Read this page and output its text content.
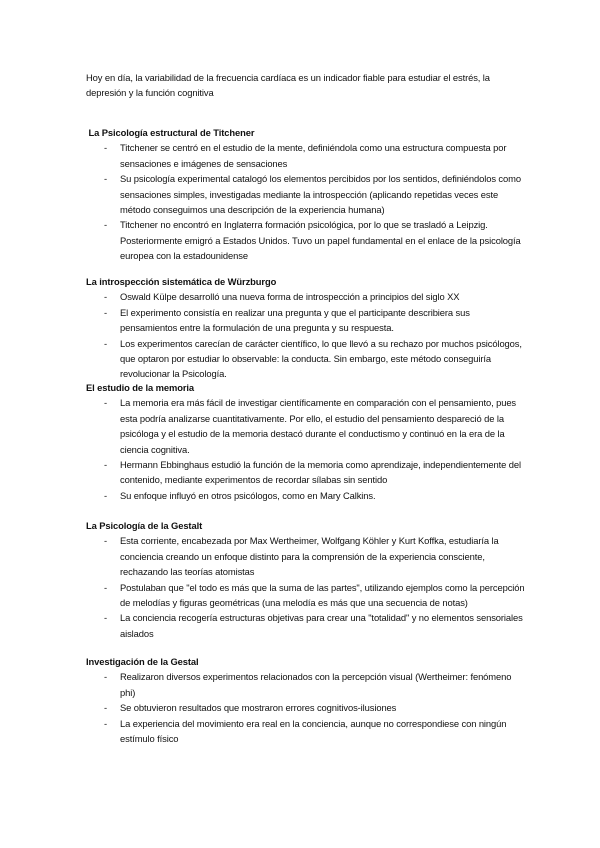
Hoy en día, la variabilidad de la frecuencia cardíaca es un indicador fiable para estudiar el estrés, la depresión y la función cognitiva

La Psicología estructural de Titchener

- Titchener se centró en el estudio de la mente, definiéndola como una estructura compuesta por sensaciones e imágenes de sensaciones
- Su psicología experimental catalogó los elementos percibidos por los sentidos, definiéndolos como sensaciones simples, investigadas mediante la introspección (aplicando repetidas veces este método conseguimos una descripción de la experiencia humana)
- Titchener no encontró en Inglaterra formación psicológica, por lo que se trasladó a Leipzig. Posteriormente emigró a Estados Unidos. Tuvo un papel fundamental en el enlace de la psicología europea con la estadounidense

La introspección sistemática de Würzburgo

- Oswald Külpe desarrolló una nueva forma de introspección a principios del siglo XX
- El experimento consistía en realizar una pregunta y que el participante describiera sus pensamientos entre la formulación de una pregunta y su respuesta.
- Los experimentos carecían de carácter científico, lo que llevó a su rechazo por muchos psicólogos, que optaron por estudiar lo observable: la conducta. Sin embargo, este método conseguiría revolucionar la Psicología.

El estudio de la memoria

- La memoria era más fácil de investigar científicamente en comparación con el pensamiento, pues esta podría analizarse cuantitativamente. Por ello, el estudio del pensamiento despareció de la psicóloga y el estudio de la memoria destacó durante el conductismo y continuó en la era de la ciencia cognitiva.
- Hermann Ebbinghaus estudió la función de la memoria como aprendizaje, independientemente del contenido, mediante experimentos de recordar sílabas sin sentido
- Su enfoque influyó en otros psicólogos, como en Mary Calkins.

La Psicología de la Gestalt

- Esta corriente, encabezada por Max Wertheimer, Wolfgang Köhler y Kurt Koffka, estudiaría la conciencia creando un enfoque distinto para la comprensión de la experiencia consciente, rechazando las teorías atomistas
- Postulaban que "el todo es más que la suma de las partes", utilizando ejemplos como la percepción de melodías y figuras geométricas (una melodía es más que una secuencia de notas)
- La conciencia recogería estructuras objetivas para crear una "totalidad" y no elementos sensoriales aislados

Investigación de la Gestal

- Realizaron diversos experimentos relacionados con la percepción visual (Wertheimer: fenómeno phi)
- Se obtuvieron resultados que mostraron errores cognitivos-ilusiones
- La experiencia del movimiento era real en la conciencia, aunque no correspondiese con ningún estímulo físico
